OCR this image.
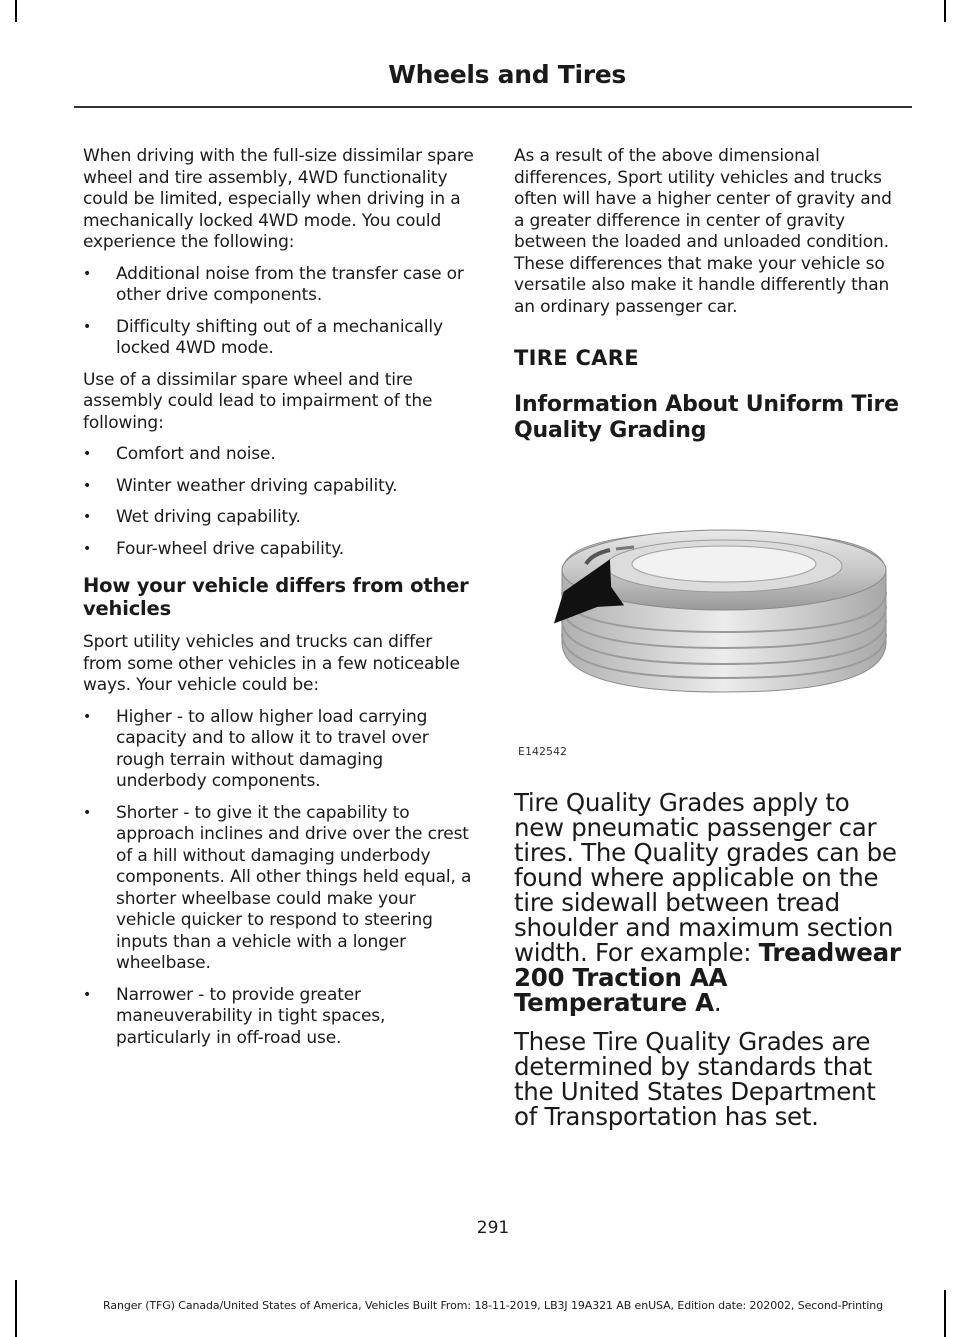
Wheels and Tires

When driving with the full-size dissimilar spare wheel and tire assembly, 4WD functionality could be limited, especially when driving in a mechanically locked 4WD mode. You could experience the following:

• Additional noise from the transfer case or other drive components.
• Difficulty shifting out of a mechanically locked 4WD mode.

Use of a dissimilar spare wheel and tire assembly could lead to impairment of the following:

• Comfort and noise.
• Winter weather driving capability.
• Wet driving capability.
• Four-wheel drive capability.
How your vehicle differs from other vehicles

Sport utility vehicles and trucks can differ from some other vehicles in a few noticeable ways. Your vehicle could be:

• Higher - to allow higher load carrying capacity and to allow it to travel over rough terrain without damaging underbody components.
• Shorter - to give it the capability to approach inclines and drive over the crest of a hill without damaging underbody components. All other things held equal, a shorter wheelbase could make your vehicle quicker to respond to steering inputs than a vehicle with a longer wheelbase.
• Narrower - to provide greater maneuverability in tight spaces, particularly in off-road use.

As a result of the above dimensional differences, Sport utility vehicles and trucks often will have a higher center of gravity and a greater difference in center of gravity between the loaded and unloaded condition. These differences that make your vehicle so versatile also make it handle differently than an ordinary passenger car.

TIRE CARE
Information About Uniform Tire Quality Grading
E142542

Tire Quality Grades apply to new pneumatic passenger car tires. The Quality grades can be found where applicable on the tire sidewall between tread shoulder and maximum section width. For example: Treadwear 200 Traction AA Temperature A.

These Tire Quality Grades are determined by standards that the United States Department of Transportation has set.

291
Ranger (TFG) Canada/United States of America, Vehicles Built From: 18-11-2019, LB3J 19A321 AB enUSA, Edition date: 202002, Second-Printing
